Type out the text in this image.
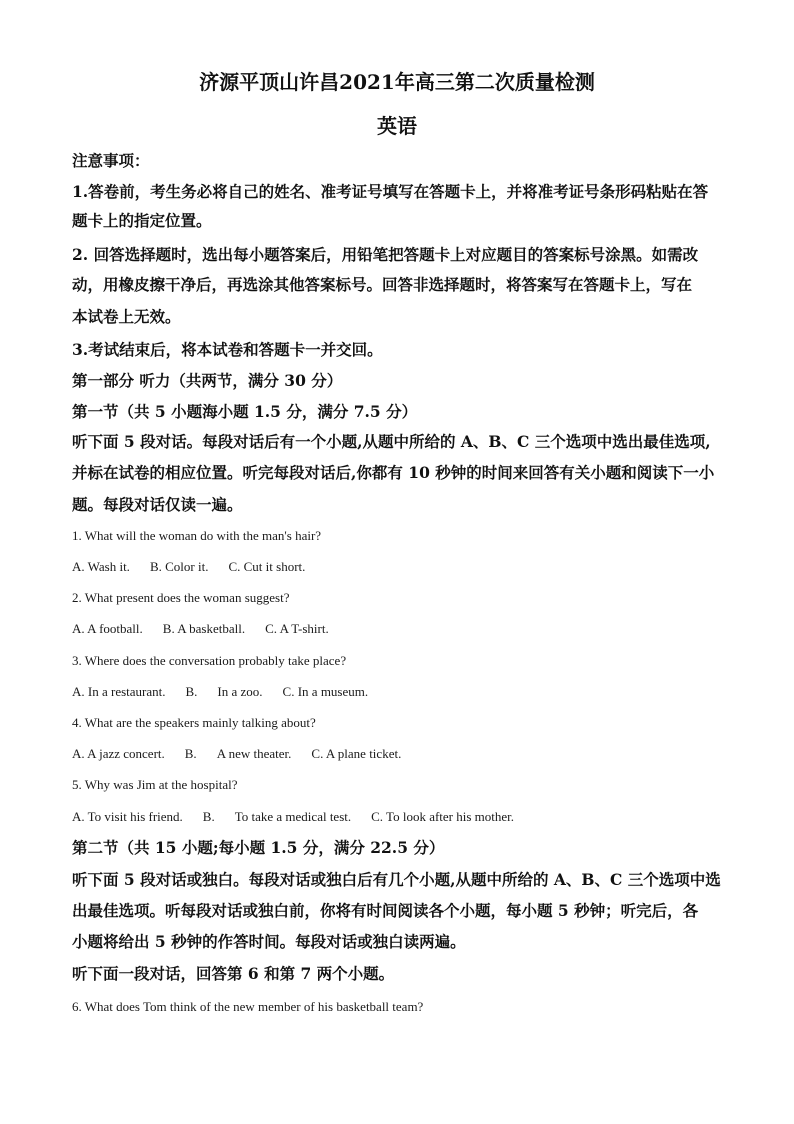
济源平顶山许昌2021年高三第二次质量检测
英语
注意事项：
1.答卷前，考生务必将自己的姓名、准考证号填写在答题卡上，并将准考证号条形码粘贴在答
题卡上的指定位置。
2. 回答选择题时，选出每小题答案后，用铅笔把答题卡上对应题目的答案标号涂黑。如需改
动，用橡皮擦干净后，再选涂其他答案标号。回答非选择题时，将答案写在答题卡上，写在
本试卷上无效。
3.考试结束后，将本试卷和答题卡一并交回。
第一部分 听力（共两节，满分 30 分）
第一节（共 5 小题海小题 1.5 分，满分 7.5 分）
听下面 5 段对话。每段对话后有一个小题,从题中所给的 A、B、C 三个选项中选出最佳选项,
并标在试卷的相应位置。听完每段对话后,你都有 10 秒钟的时间来回答有关小题和阅读下一小
题。每段对话仅读一遍。
1. What will the woman do with the man's hair?
A. Wash it. B. Color it. C. Cut it short.
2. What present does the woman suggest?
A. A football. B. A basketball. C. A T-shirt.
3. Where does the conversation probably take place?
A. In a restaurant. B. In a zoo. C. In a museum.
4. What are the speakers mainly talking about?
A. A jazz concert. B. A new theater. C. A plane ticket.
5. Why was Jim at the hospital?
A. To visit his friend. B. To take a medical test. C. To look after his mother.
第二节（共 15 小题;每小题 1.5 分，满分 22.5 分）
听下面 5 段对话或独白。每段对话或独白后有几个小题,从题中所给的 A、B、C 三个选项中选
出最佳选项。听每段对话或独白前，你将有时间阅读各个小题，每小题 5 秒钟；听完后，各
小题将给出 5 秒钟的作答时间。每段对话或独白读两遍。
听下面一段对话，回答第 6 和第 7 两个小题。
6. What does Tom think of the new member of his basketball team?
